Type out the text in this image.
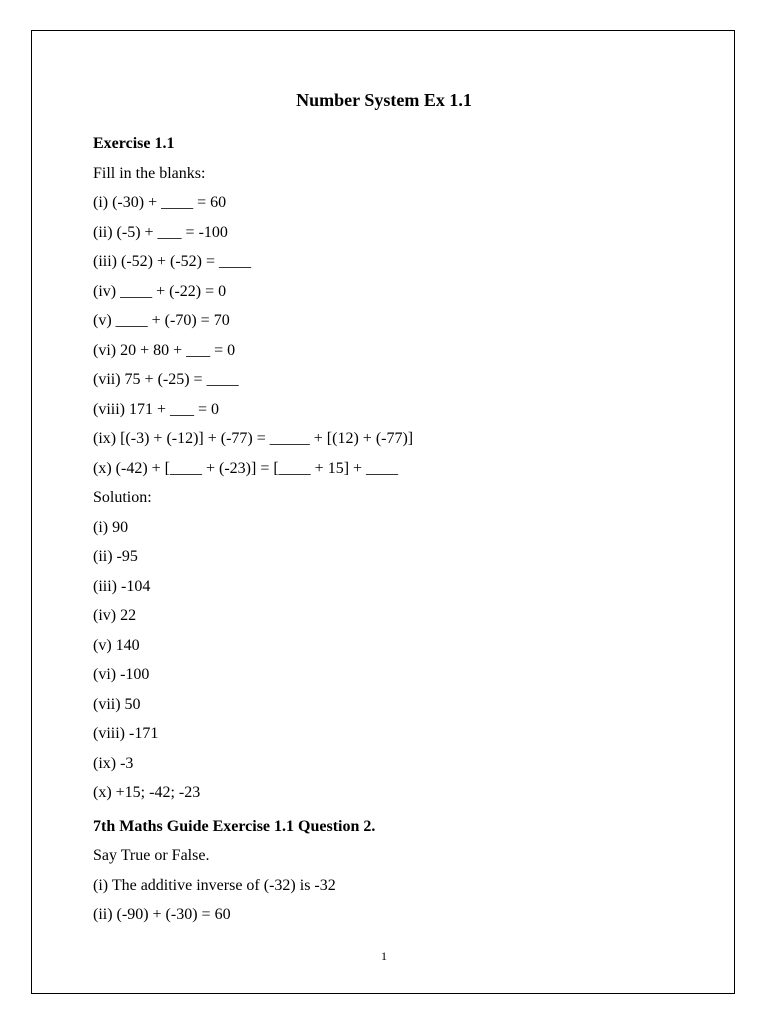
Number System Ex 1.1
Exercise 1.1
Fill in the blanks:
(i) (-30) + ____ = 60
(ii) (-5) + ___ = -100
(iii) (-52) + (-52) = ____
(iv) ____ + (-22) = 0
(v) ____ + (-70) = 70
(vi) 20 + 80 + ___ = 0
(vii) 75 + (-25) = ____
(viii) 171 + ___ = 0
(ix) [(-3) + (-12)] + (-77) = _____ + [(12) + (-77)]
(x) (-42) + [____ + (-23)] = [____ + 15] + ____
Solution:
(i) 90
(ii) -95
(iii) -104
(iv) 22
(v) 140
(vi) -100
(vii) 50
(viii) -171
(ix) -3
(x) +15; -42; -23
7th Maths Guide Exercise 1.1 Question 2.
Say True or False.
(i) The additive inverse of (-32) is -32
(ii) (-90) + (-30) = 60
1
